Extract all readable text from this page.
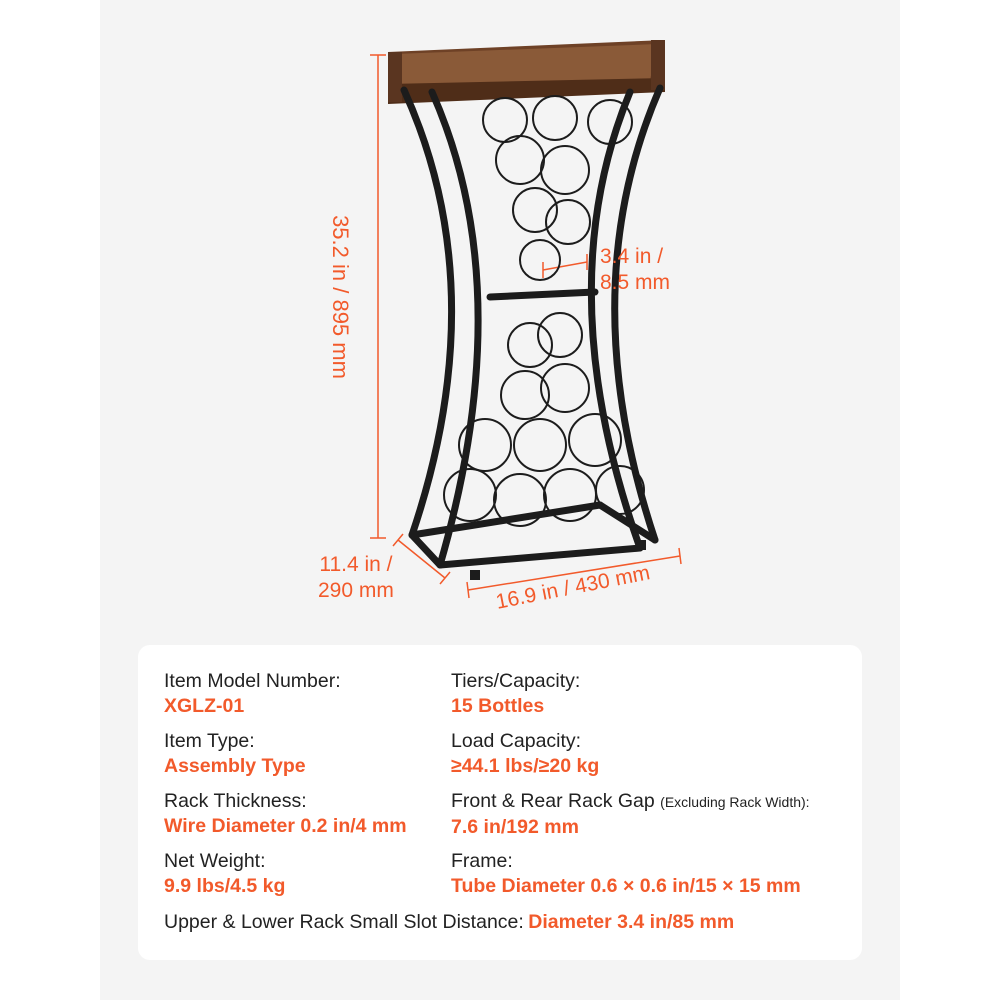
35.2 in / 895 mm	3.4 in /
8.5 mm
11.4 in /
290 mm	16.9 in / 430 mm
Item Model Number:
XGLZ-01
Item Type:
Assembly Type
Rack Thickness:
Wire Diameter 0.2 in/4 mm
Net Weight:
9.9 lbs/4.5 kg
Tiers/Capacity:
15 Bottles
Load Capacity:
≥44.1 lbs/≥20 kg
Front & Rear Rack Gap (Excluding Rack Width):
7.6 in/192 mm
Frame:
Tube Diameter 0.6 × 0.6 in/15 × 15 mm
Upper & Lower Rack Small Slot Distance: Diameter 3.4 in/85 mm
